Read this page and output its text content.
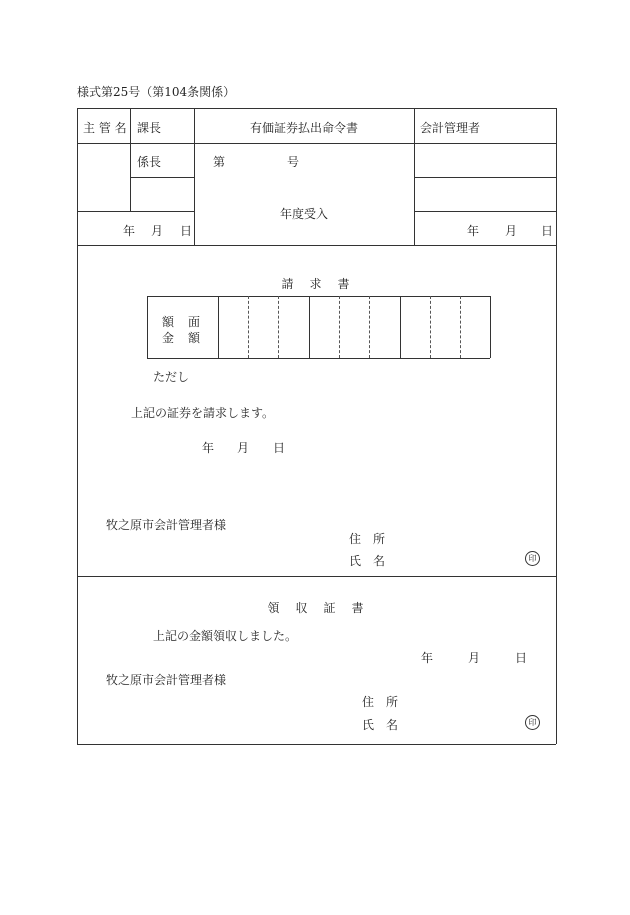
様式第25号（第104条関係）
主 管 名 課長	有価証券払出命令書	会計管理者
係長	第	号
年度受入
年 月 日	年 月 日
請　求　書
額　面
金　額
ただし
上記の証券を請求します。
年 月 日
牧之原市会計管理者様
住　所
氏　名	印
領　収　証　書
上記の金額領収しました。
年	月	日
牧之原市会計管理者様
住　所
氏　名	印
